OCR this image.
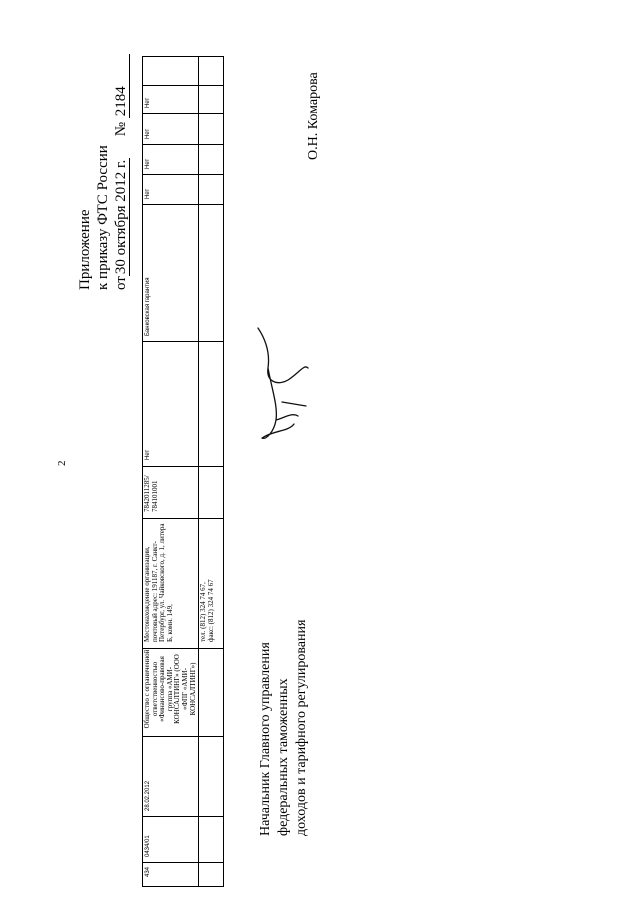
2
Приложение к приказу ФТС России от30 октября 2012 г.  № 2184
434
0434/01
28.02.2012
Общество с ограниченной ответственностью «Финансово-правовая группа «АМИ-КОНСАЛТИНГ» (ООО «ФПГ «АМИ-КОНСАЛТИНГ»)
Местонахождение организации, почтовый адрес: 191187, г. Санкт-Петербург, ул. Чайковского, д. 1, литера Б, комн. 149,	тел. (812) 324 74 67, факс: (812) 324 74 67
7842011285/ 784101001
Нет
Банковская гарантия
Нет
Нет
Нет
Нет
Начальник Главного управления федеральных таможенных доходов и тарифного регулирования
О.Н. Комарова
